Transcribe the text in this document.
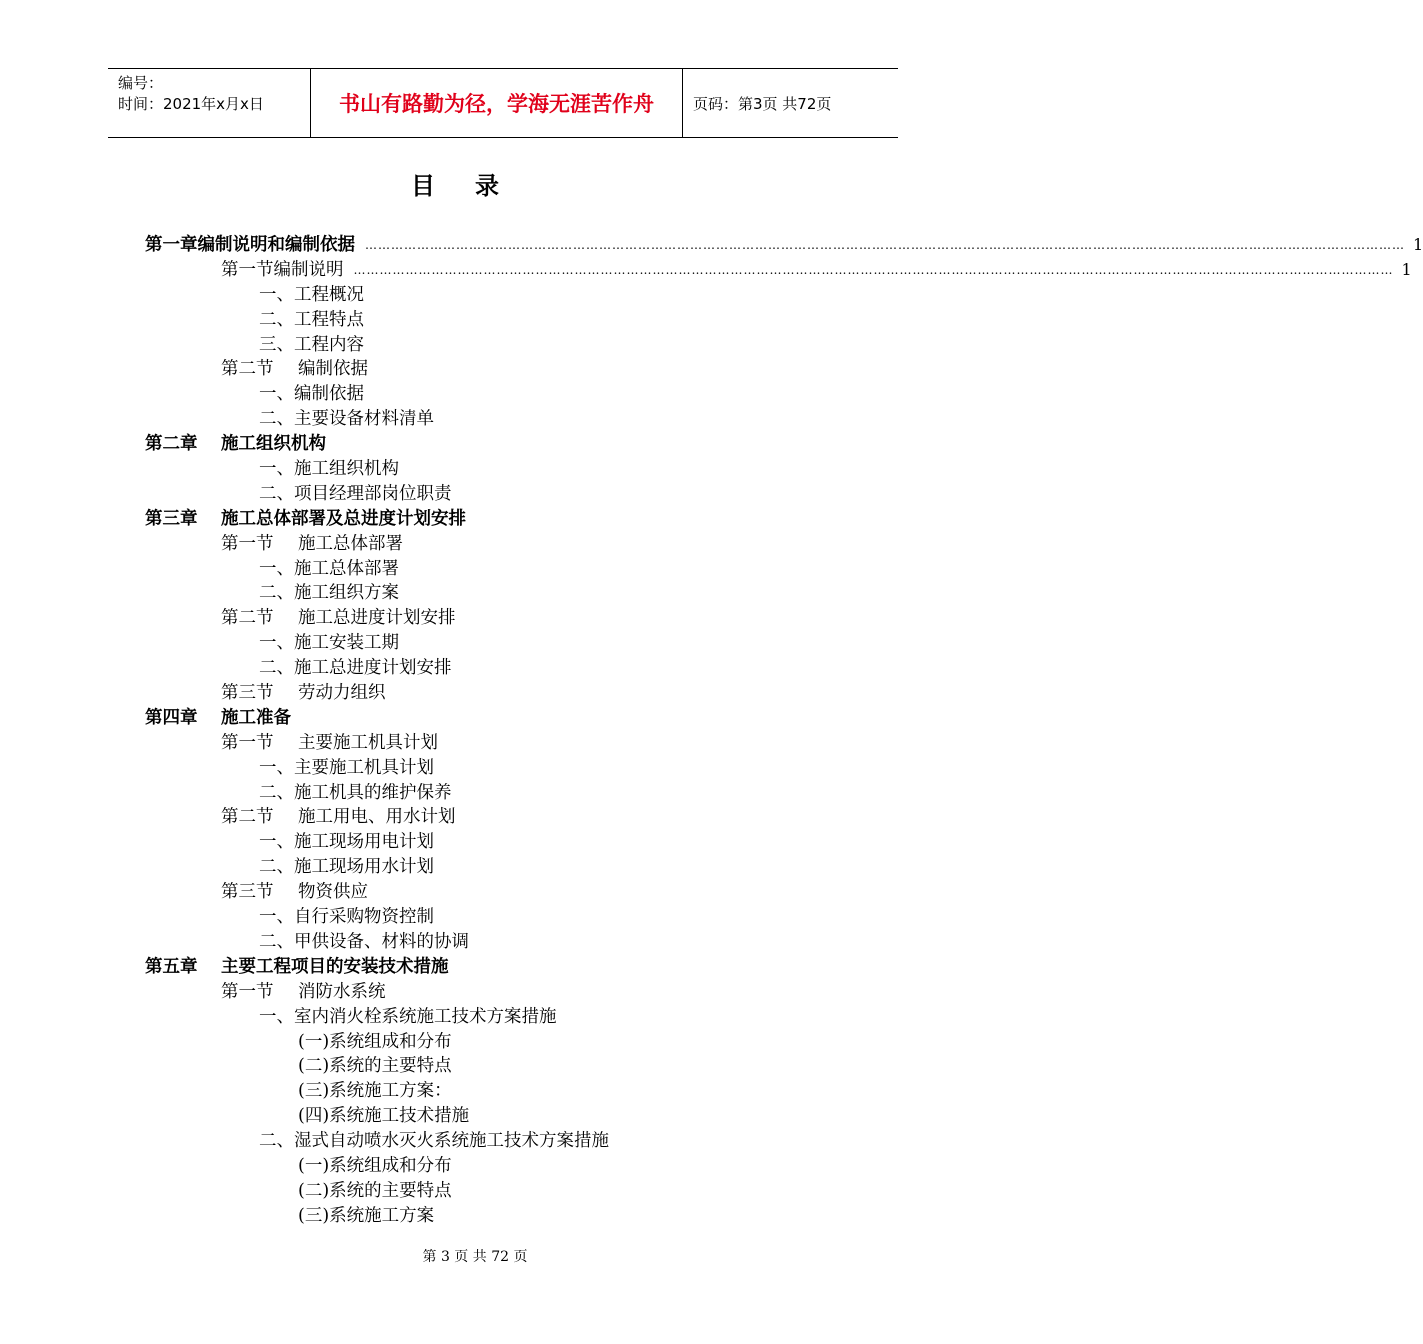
编号：
时间：2021年x月x日	书山有路勤为径，学海无涯苦作舟	页码：第3页 共72页
目录
第一章 编制说明和编制依据 …………………………………………………………………………………………………………………………………………………………………………………………………………………… 1
第一节 编制说明 …………………………………………………………………………………………………………………………………………………………………………………………………………………… 1
一、工程概况
二、工程特点
三、工程内容
第二节	编制依据
一、编制依据
二、主要设备材料清单
第二章	施工组织机构
一、施工组织机构
二、项目经理部岗位职责
第三章	施工总体部署及总进度计划安排
第一节	施工总体部署
一、施工总体部署
二、施工组织方案
第二节	施工总进度计划安排
一、施工安装工期
二、施工总进度计划安排
第三节	劳动力组织
第四章	施工准备
第一节	主要施工机具计划
一、主要施工机具计划
二、施工机具的维护保养
第二节	施工用电、用水计划
一、施工现场用电计划
二、施工现场用水计划
第三节	物资供应
一、自行采购物资控制
二、甲供设备、材料的协调
第五章	主要工程项目的安装技术措施
第一节	消防水系统
一、室内消火栓系统施工技术方案措施
(一)系统组成和分布
(二)系统的主要特点
(三)系统施工方案：
(四)系统施工技术措施
二、湿式自动喷水灭火系统施工技术方案措施
(一)系统组成和分布
(二)系统的主要特点
(三)系统施工方案
第 3 页 共 72 页
